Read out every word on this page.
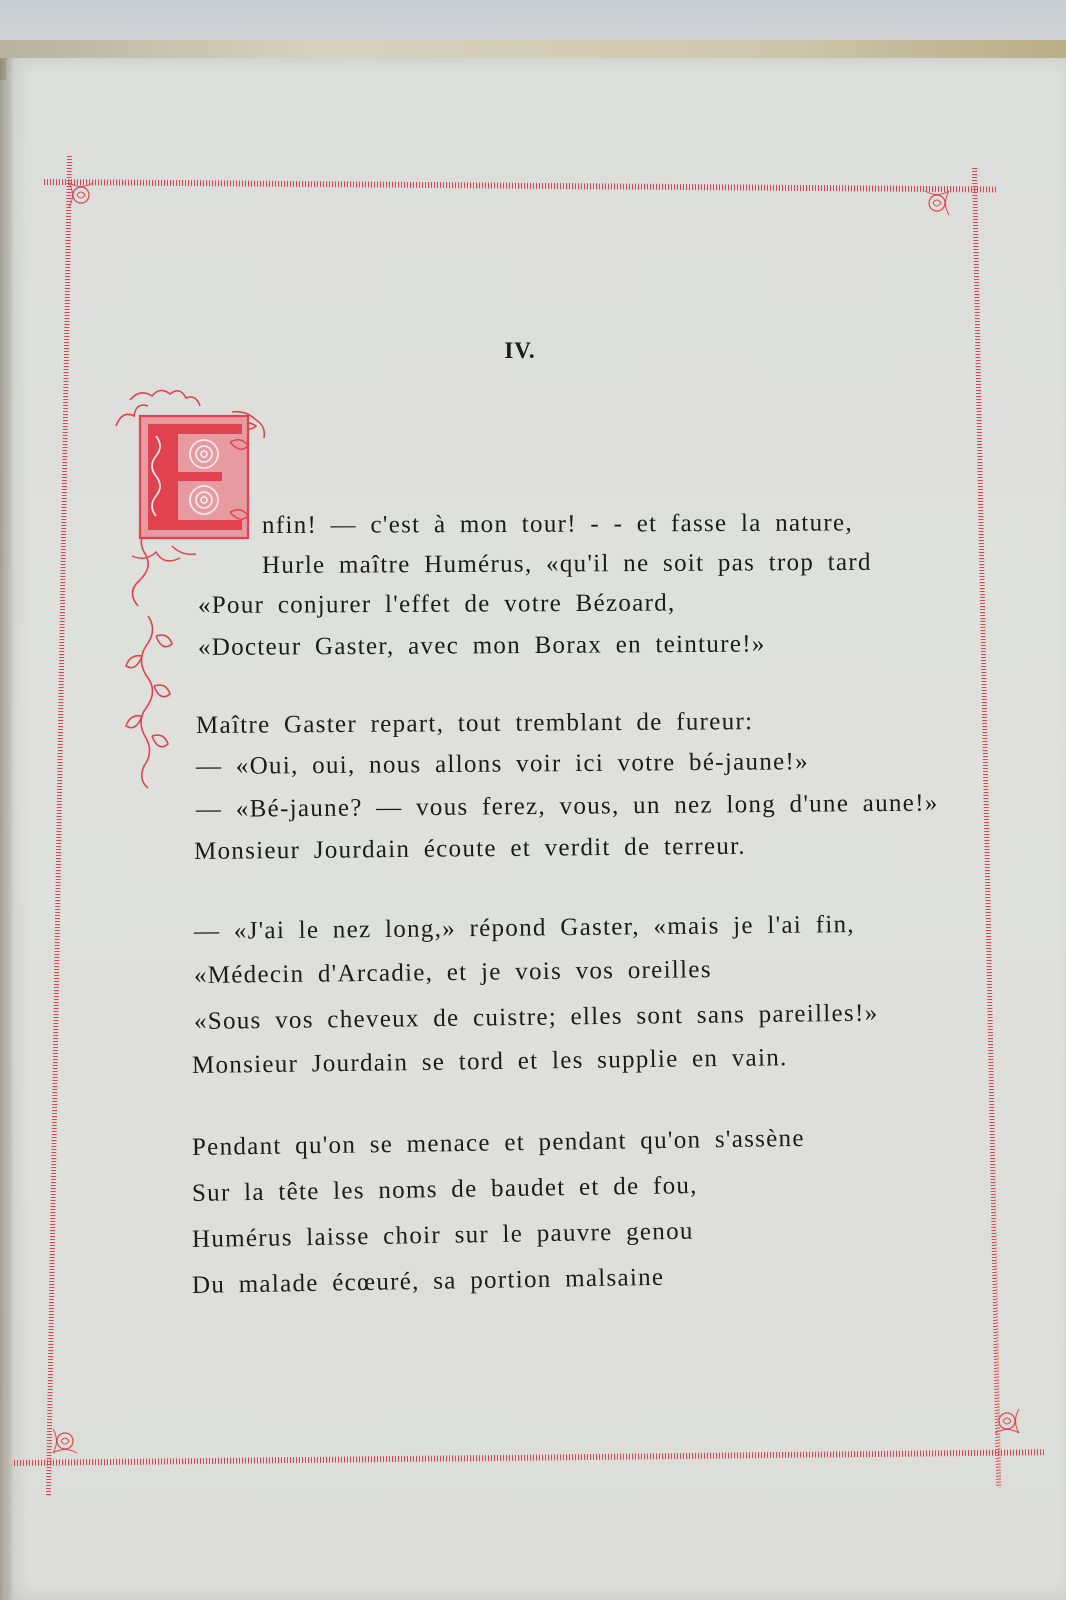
IV.
nfin! — c'est à mon tour! - - et fasse la nature,
Hurle maître Humérus, «qu'il ne soit pas trop tard
«Pour conjurer l'effet de votre Bézoard,
«Docteur Gaster, avec mon Borax en teinture!»
Maître Gaster repart, tout tremblant de fureur:
— «Oui, oui, nous allons voir ici votre bé-jaune!»
— «Bé-jaune? — vous ferez, vous, un nez long d'une aune!»
Monsieur Jourdain écoute et verdit de terreur.
— «J'ai le nez long,» répond Gaster, «mais je l'ai fin,
«Médecin d'Arcadie, et je vois vos oreilles
«Sous vos cheveux de cuistre; elles sont sans pareilles!»
Monsieur Jourdain se tord et les supplie en vain.
Pendant qu'on se menace et pendant qu'on s'assène
Sur la tête les noms de baudet et de fou,
Humérus laisse choir sur le pauvre genou
Du malade écœuré, sa portion malsaine
